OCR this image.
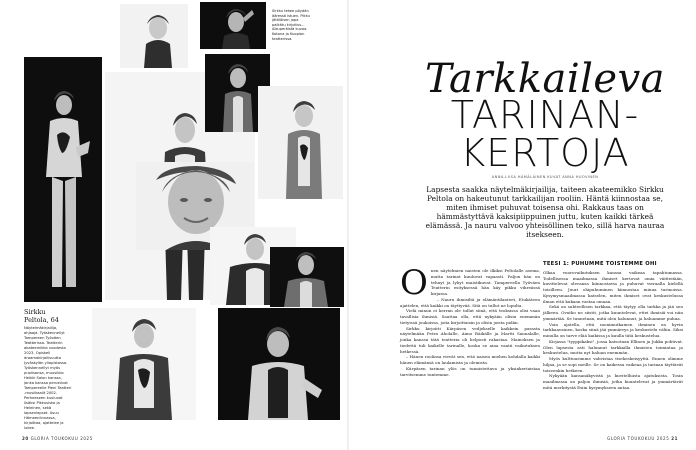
Sirkku tekee pöydän ääressä istuen. Pikku jättiläisen jopa palkittu kirjoitus... Alkuperäistä kuvaa. Kotona ja Kuopion teatterissa.
Sirkku Peltola, 64
Näytelmäkirjailija, ohjaaja. Työskennellyt Tampereen Työväen Teatterissa. Teatterin akateemikko vuodesta 2023. Opiskeli draamakirjallisuutta Jyväskylän yliopistossa. Työskennellyt myös puolisonsa, muusikko Heikki Salon kanssa, jonka kanssa perustivat Tampereelle Pieni Teatteri -musiikaalit 2002. Perheeseen kuuluvat lisäksi Pikkusisko ja Heleinen, sekä lapsenlapset. Asuu Hämeenlinnassa, kirjoittaa, ajattelee ja lukee.
20 GLORIA TOUKOKUU 2025
Tarkkaileva
TARINAN-
KERTOJA
ANNA-LIISA HÄMÄLÄINEN KUVAT ANNA HUOVINEN
Lapsesta saakka näytelmäkirjailija, taiteen akateemikko Sirkku Peltola on hakeutunut tarkkailijan rooliin. Häntä kiinnostaa se, miten ihmiset puhuvat toisensa ohi. Rakkaus taas on hämmästyttävä kaksipiippuinen juttu, kuten kaikki tärkeä elämässä. Ja nauru valvoo yhteisöllinen teko, sillä harva nauraa itsekseen.
O nen näytelmien naisten ole ilkiksi Peltolalle asema, mutta tarinat kuuluvat vapaasti. Paljon hän on tehnyt ja lyhyt muistikuvat. Tampereella Työväen Teatterin esityksessä hän käy pikku vihreässä kirjassa.

– Nauru ihmisiltä ja elämäntilanteet, Etukäteen ajattelen, että kaikki on täyttyvää. Sitä on tullut ne lopulta.

Vielä minun ei kerran ole tullut siinä, että teoksissa olisi vaan tavallisia ihmisiä. Saattaa olla, että nykyään olisin enemmän tietyissä joukoissa, joita kirjoittaisin ja olisin joista pidän.

Sirkku kirjoitti Kärpäsen vedjekselle kaikkein parasta näytelmään Petra Aholalle, Aimo Räikälle ja Martti Saunalalle, jonka kanssa tätä teatteria oli helposti rakastaa. Mainoksen ja tiedettä tuli kaikelle tarinalle, koska se aina vaatii vaikutuksen hetkessä.

– Hänen roolinsa vievät sen, että naisen miehen kohdalla kaikki hänen elämänsä on laulamista ja olemista.

Kärpäsen tarinan ylös on tunnistettava ja yksinkertaistaa tarvitsemme tuntemme.

TEESI 1: PUHUMME TOISTEMME OHI

Olkaa vuorovaikutuksen kanssa vaikeaa tapahtumassa. Todellisessa maailmassa ihmiset kertovat omia väitteitään, kuvittelevat olevansa kiinnostavia ja puhuvat vieraalla kielellä toisilleen. Juuri ohipuhuminen kiinnostaa minua tarinoissa. Kysymysmaailmassa katselen, miten ihmiset ovat keskustelussa ilman että kukaan vastaa omaan.

Sekä on suhteellisen tarkkaa, että täytyy olla tarkka ja jää sen jälkeen. Ovatko ne siistit, jotka kuuntelevat, ettei ihmisiä voi niin ymmärtää. Se tunnetaan, mitä olen halunnut, ja haluamme puhua.

Voin ajatella, että monimutkainen ihminen on hyvin tarkkaavainen, koska siinä jää ymmärrys ja keskustelu väliin. Siksi minulla on tarve elää kaikissa ja kuulla tätä keskustelua.

Kirjassa "tyyppikaksi", jossa katsotaan Ellinen ja Jukka pohtivat. Olen lapsesta asti halunnut tarkkailla ihmisten toimintaa ja keskustelua, mutta nyt haluan enemmän.

Myös kulttuurimme vahvistaa itsekeskeisyyttä. Ennen olimme hiljaa, ja se sopi meille. Se on kaikessa vaikeaa ja tarinaa täyttävät toiseenkin hetkeen.

Nykyään kansanäkyvistä ja kuvitelluista ajatuksista. Tosin maailmassa on paljon ihmisiä, jotka kuuntelevat ja ymmärtävät mitä merkitystä Esiin kysymykseen antaa.

GLORIA TOUKOKUU 2025 21
